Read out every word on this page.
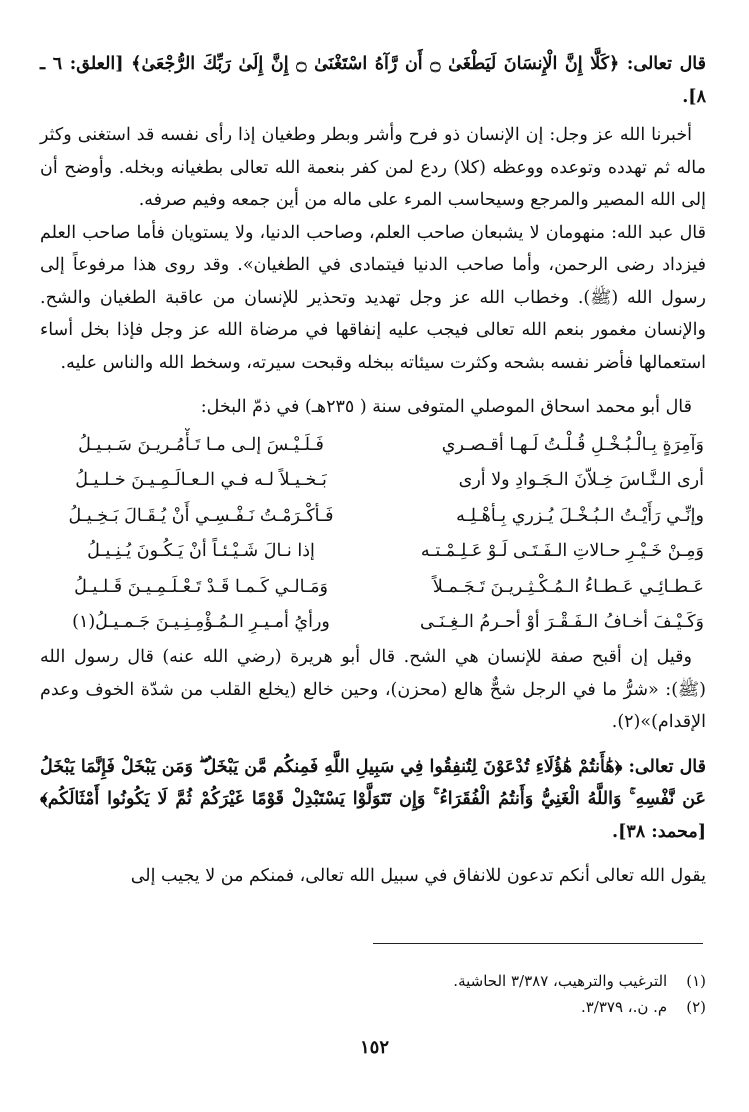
قال تعالى: ﴿كَلَّا إِنَّ الْإِنسَانَ لَيَطْغَىٰ ۝ أَن رَّآهُ اسْتَغْنَىٰ ۝ إِنَّ إِلَىٰ رَبِّكَ الرُّجْعَىٰ﴾ [العلق: ٦ ـ ٨].

أخبرنا الله عز وجل: إن الإنسان ذو فرح وأشر وبطر وطغيان إذا رأى نفسه قد استغنى وكثر ماله ثم تهدده وتوعده ووعظه (كلا) ردع لمن كفر بنعمة الله تعالى بطغيانه وبخله. وأوضح أن إلى الله المصير والمرجع وسيحاسب المرء على ماله من أين جمعه وفيم صرفه.

قال عبد الله: منهومان لا يشبعان صاحب العلم، وصاحب الدنيا، ولا يستويان فأما صاحب العلم فيزداد رضى الرحمن، وأما صاحب الدنيا فيتمادى في الطغيان». وقد روى هذا مرفوعاً إلى رسول الله (ﷺ). وخطاب الله عز وجل تهديد وتحذير للإنسان من عاقبة الطغيان والشح. والإنسان مغمور بنعم الله تعالى فيجب عليه إنفاقها في مرضاة الله عز وجل فإذا بخل أساء استعمالها فأضر نفسه بشحه وكثرت سيئاته ببخله وقبحت سيرته، وسخط الله والناس عليه.

قال أبو محمد اسحاق الموصلي المتوفى سنة ( ٢٣٥هـ) في ذمّ البخل:

وَآمِرَةٍ بِـالْـبُـخْـلِ قُـلْـتُ لَـهـا أقـصـري
فَـلَـيْـسَ إلـى مـا تَـأْمُـريـنَ سَـبـيـلُ
أرى الـنَّـاسَ خِـلاّنَ الـجَـوادِ ولا أرى
بَـخـيـلاً لـه فـي الـعـالَـمِـيـنَ خـلـيـلُ
وإنِّـي رَأَيْـتُ الـبُـخْـلَ يُـزري بِـأهْـلِـه
فَـأكْـرَمْـتُ نَـفْـسِـي أَنْ يُـقَـالَ بَـخِـيـلُ
وَمِـنْ خَـيْـرِ حـالاتِ الـفَـتَـى لَـوْ عَـلِـمْـتـه
إذا نـالَ شَـيْـئـاً أنْ يَـكُـونَ يُـنِـيـلُ
عَـطـائِـي عَـطـاءُ الـمُـكْـثِـريـنَ تَـجَـمـلاً
وَمَـالـي كَـمـا قَـدْ تَـعْـلَـمِـيـنَ قَـلـيـلُ
وَكَـيْـفَ أخـافُ الـفَـقْـرَ أوْ أحـرمُ الـغِـنَـى
ورأيُ أمـيـرِ الـمُـؤْمِـنِـيـنَ جَـمـيـلُ(١)

وقيل إن أقبح صفة للإنسان هي الشح. قال أبو هريرة (رضي الله عنه) قال رسول الله (ﷺ): «شرُّ ما في الرجل شحٌّ هالع (محزن)، وحين خالع (يخلع القلب من شدّة الخوف وعدم الإقدام)»(٢).

قال تعالى: ﴿هَٰأَنتُمْ هَٰؤُلَاءِ تُدْعَوْنَ لِتُنفِقُوا فِي سَبِيلِ اللَّهِ فَمِنكُم مَّن يَبْخَلُ ۖ وَمَن يَبْخَلْ فَإِنَّمَا يَبْخَلُ عَن نَّفْسِهِ ۚ وَاللَّهُ الْغَنِيُّ وَأَنتُمُ الْفُقَرَاءُ ۚ وَإِن تَتَوَلَّوْا يَسْتَبْدِلْ قَوْمًا غَيْرَكُمْ ثُمَّ لَا يَكُونُوا أَمْثَالَكُم﴾ [محمد: ٣٨].

يقول الله تعالى أنكم تدعون للانفاق في سبيل الله تعالى، فمنكم من لا يجيب إلى

(١) الترغيب والترهيب، ٣/٣٨٧ الحاشية.
(٢) م. ن.، ٣/٣٧٩.
١٥٢
